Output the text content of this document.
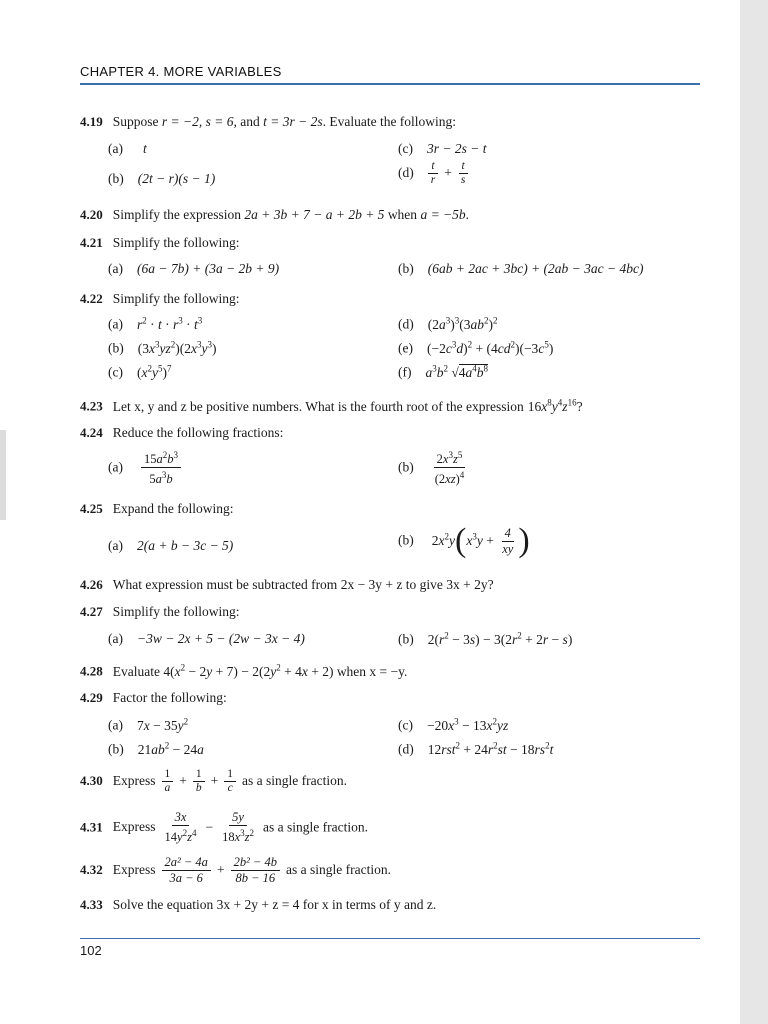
CHAPTER 4. MORE VARIABLES
4.19 Suppose r = −2, s = 6, and t = 3r − 2s. Evaluate the following:
(a) t
(b) (2t − r)(s − 1)
(c) 3r − 2s − t
$(d) \frac{t}{r} + \frac{t}{s}$
4.20 Simplify the expression 2a + 3b + 7 − a + 2b + 5 when a = −5b.
4.21 Simplify the following:
(a) (6a − 7b) + (3a − 2b + 9)	(b) (6ab + 2ac + 3bc) + (2ab − 3ac − 4bc)
4.22 Simplify the following:
(a) $r^2 \cdot t \cdot r^3 \cdot t^3$
(b) $(3x^3yz^2)(2x^3y^3)$
(c) $(x^2y^5)^7$
(d) $(2a^3)^3(3ab^2)^2$
(e) $(-2c^3d)^2 + (4cd^2)(-3c^5)$
(f) $a^3b^2$ $√4a^4b^8$
4.23 Let x, y and z be positive numbers. What is the fourth root of the expression $16x^8y^4z^{16}$?
4.24 Reduce the following fractions:
$(a) \frac{15a^2b^3}{5a^3b}$	$(b) \frac{2x^3z^5}{(2xz)^4}$
4.25 Expand the following:
(a) 2(a + b − 3c − 5)	(b) $2x^2y(x^3y + \frac{4}{xy}$ )
4.26 What expression must be subtracted from 2x − 3y + z to give 3x + 2y?
4.27 Simplify the following:
(a) −3w − 2x + 5 − (2w − 3x − 4)	(b) $2(r^2 - 3s) - 3(2r^2 + 2r - s)$
4.28 Evaluate $4(x^2 - 2y + 7) - 2(2y^2 + 4x + 2)$ when x = −y.
4.29 Factor the following:
(a) $7x - 35y^2$
(b) $21ab^2 - 24a$
$(c) -20x^3 - 13x^2yz$
(d) $12rst^2 + 24r^2st - 18rs^2t$
4.30 Express $\frac{1}{a} + \frac{1}{b} + \frac{1}{c}$ as a single fraction.
4.31 Express $\frac{3x}{14y^2z^4} - \frac{5y}{18x^3z^2}$ as a single fraction.
4.32 Express $\frac{\text{2a² − 4a}}{3a - 6} + \frac{\text{2b² − 4b}}{8b - 16}$ as a single fraction.
4.33 Solve the equation 3x + 2y + z = 4 for x in terms of y and z.
102
